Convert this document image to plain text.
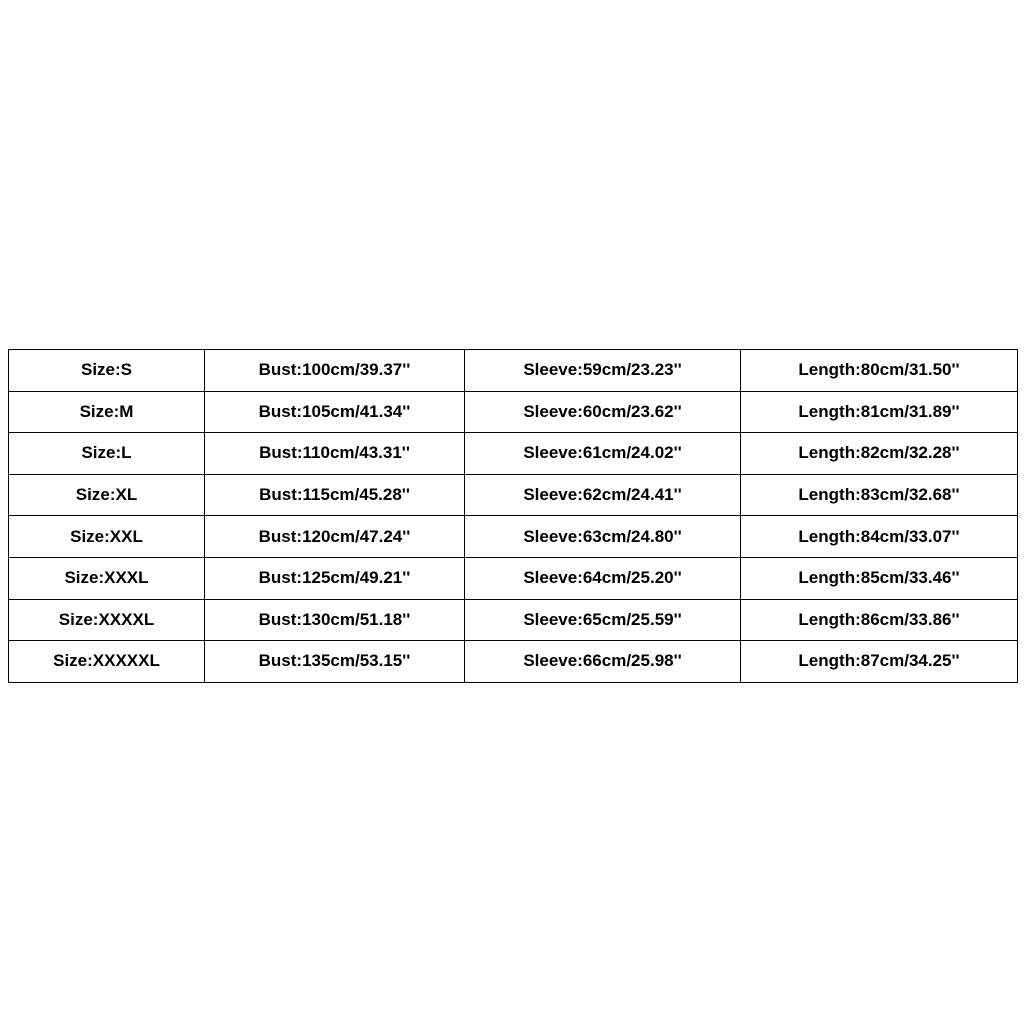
Size:S	Bust:100cm/39.37''	Sleeve:59cm/23.23''	Length:80cm/31.50''
Size:M	Bust:105cm/41.34''	Sleeve:60cm/23.62''	Length:81cm/31.89''
Size:L	Bust:110cm/43.31''	Sleeve:61cm/24.02''	Length:82cm/32.28''
Size:XL	Bust:115cm/45.28''	Sleeve:62cm/24.41''	Length:83cm/32.68''
Size:XXL	Bust:120cm/47.24''	Sleeve:63cm/24.80''	Length:84cm/33.07''
Size:XXXL	Bust:125cm/49.21''	Sleeve:64cm/25.20''	Length:85cm/33.46''
Size:XXXXL	Bust:130cm/51.18''	Sleeve:65cm/25.59''	Length:86cm/33.86''
Size:XXXXXL	Bust:135cm/53.15''	Sleeve:66cm/25.98''	Length:87cm/34.25''
